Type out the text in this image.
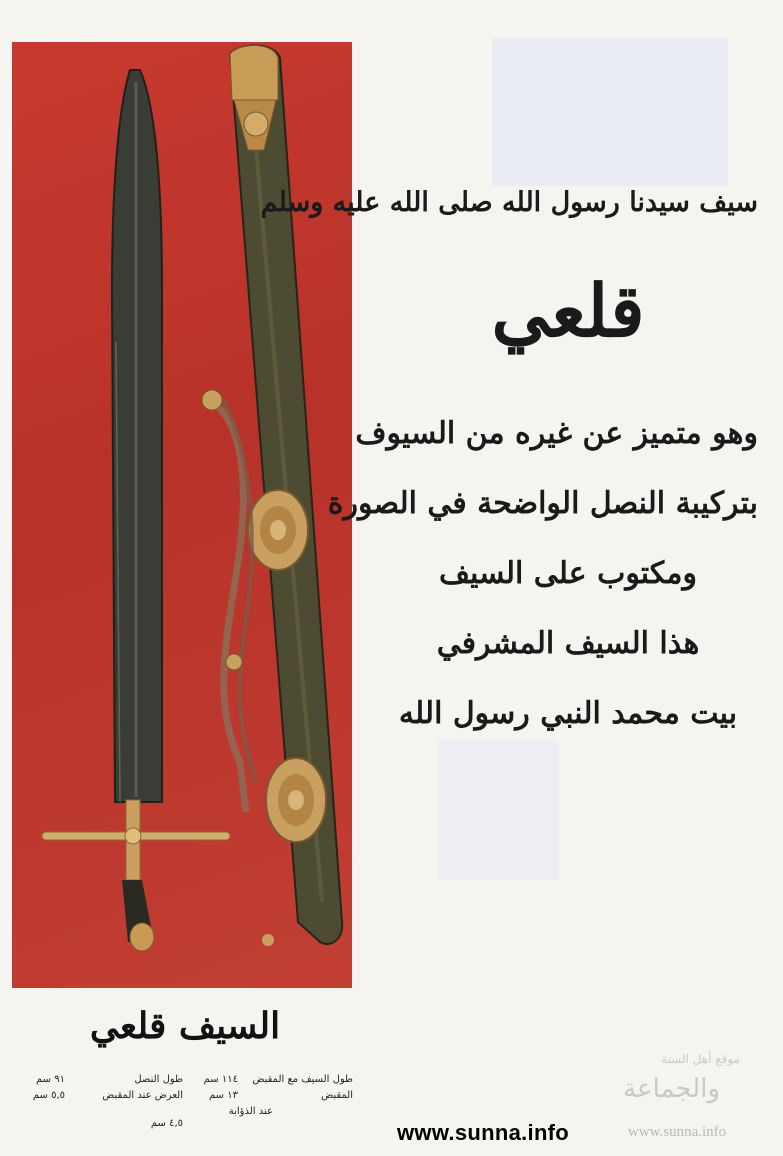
سيف سيدنا رسول الله صلى الله عليه وسلم
قلعي
وهو متميز عن غيره من السيوف
بتركيبة النصل الواضحة في الصورة
ومكتوب على السيف
هذا السيف المشرفي
بيت محمد النبي رسول الله
السيف قلعي
طول السيف مع المقبض
١١٤ سم
طول النصل
٩١ سم
المقبض
١٣ سم
العرض عند المقبض
٥,٥ سم
عند الذؤابة
٤,٥ سم
موقع أهل السنة
والجماعة
www.sunna.info	www.sunna.info
